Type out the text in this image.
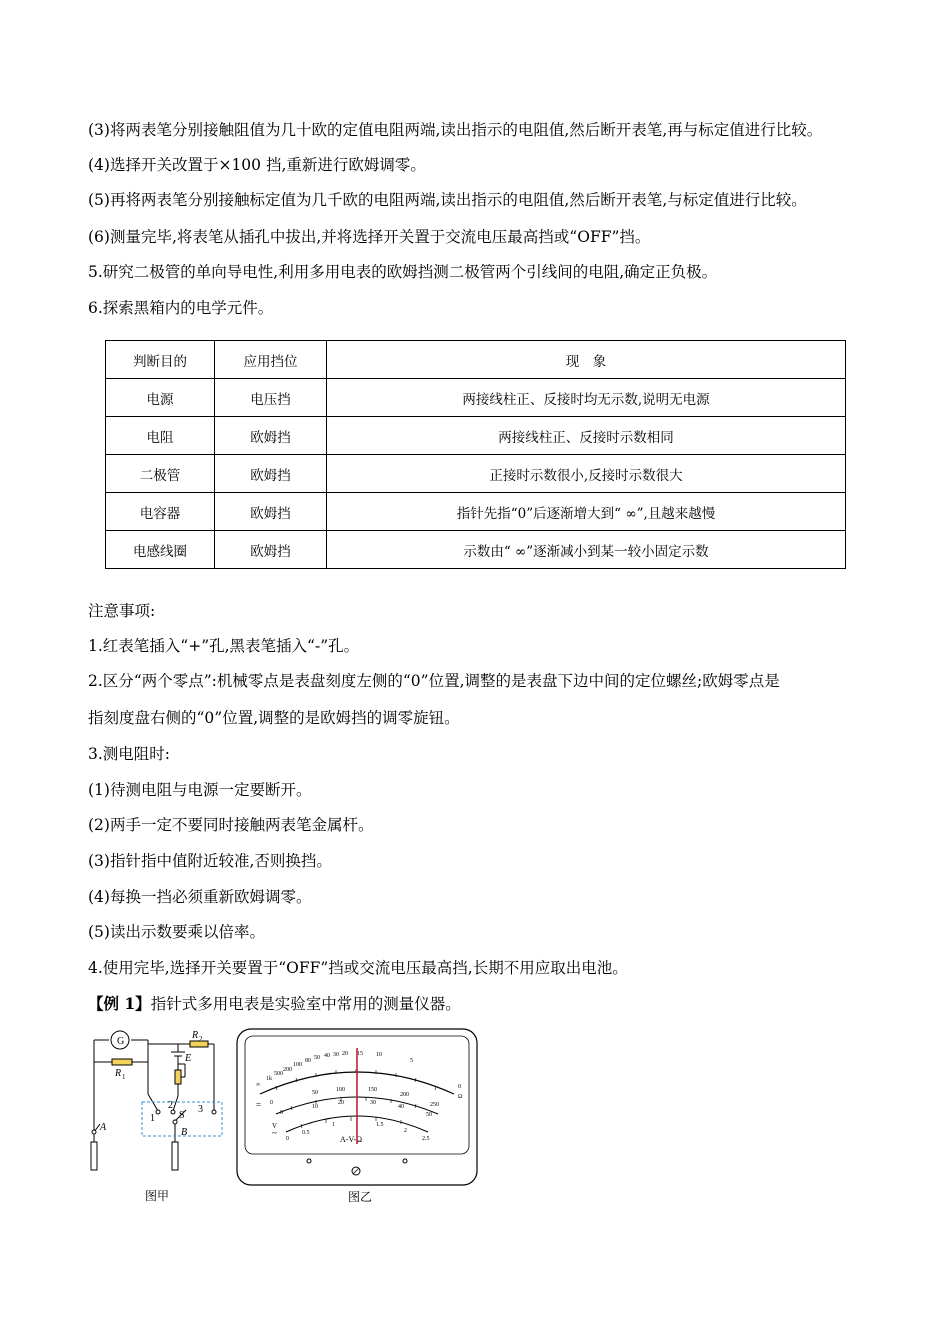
(3)将两表笔分别接触阻值为几十欧的定值电阻两端,读出指示的电阻值,然后断开表笔,再与标定值进行比较。
(4)选择开关改置于×100 挡,重新进行欧姆调零。
(5)再将两表笔分别接触标定值为几千欧的电阻两端,读出指示的电阻值,然后断开表笔,与标定值进行比较。
(6)测量完毕,将表笔从插孔中拔出,并将选择开关置于交流电压最高挡或“OFF”挡。
5.研究二极管的单向导电性,利用多用电表的欧姆挡测二极管两个引线间的电阻,确定正负极。
6.探索黑箱内的电学元件。
判断目的	应用挡位	现　象
电源	电压挡	两接线柱正、反接时均无示数,说明无电源
电阻	欧姆挡	两接线柱正、反接时示数相同
二极管	欧姆挡	正接时示数很小,反接时示数很大
电容器	欧姆挡	指针先指“0”后逐渐增大到“ ∞”,且越来越慢
电感线圈	欧姆挡	示数由“ ∞”逐渐减小到某一较小固定示数
注意事项:
1.红表笔插入“+”孔,黑表笔插入“-”孔。
2.区分“两个零点”:机械零点是表盘刻度左侧的“0”位置,调整的是表盘下边中间的定位螺丝;欧姆零点是
指刻度盘右侧的“0”位置,调整的是欧姆挡的调零旋钮。
3.测电阻时:
(1)待测电阻与电源一定要断开。
(2)两手一定不要同时接触两表笔金属杆。
(3)指针指中值附近较准,否则换挡。
(4)每换一挡必须重新欧姆调零。
(5)读出示数要乘以倍率。
4.使用完毕,选择开关要置于“OFF”挡或交流电压最高挡,长期不用应取出电池。
【例 1】指针式多用电表是实验室中常用的测量仪器。
G
R 1
R 2
E
S
1
2	3
A	B
图甲
∞
1k
500
200
100
80 50 40 30 20 15 10
5
0
Ω
0
50	100	150
200
250
0
10
20	30
40
50
=
0
0.5
1	1.5
2
2.5
V
~
A-V-Ω
图乙
